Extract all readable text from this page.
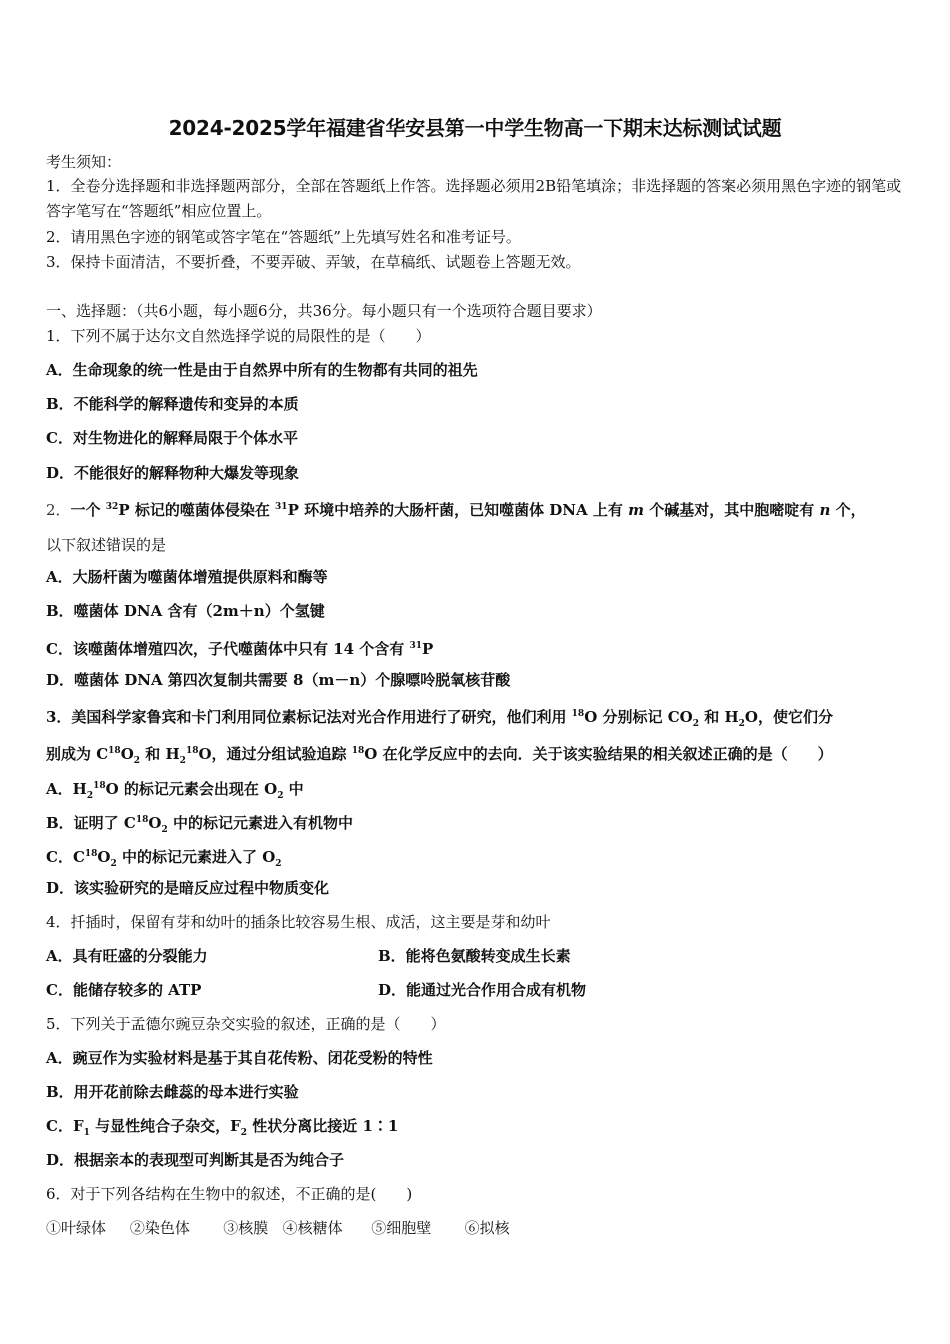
2024-2025学年福建省华安县第一中学生物高一下期末达标测试试题

考生须知：

1．全卷分选择题和非选择题两部分，全部在答题纸上作答。选择题必须用2B铅笔填涂；非选择题的答案必须用黑色字迹的钢笔或答字笔写在“答题纸”相应位置上。

2．请用黑色字迹的钢笔或答字笔在“答题纸”上先填写姓名和准考证号。

3．保持卡面清洁，不要折叠，不要弄破、弄皱，在草稿纸、试题卷上答题无效。

一、选择题：（共6小题，每小题6分，共36分。每小题只有一个选项符合题目要求）

1．下列不属于达尔文自然选择学说的局限性的是（　　）

A．生命现象的统一性是由于自然界中所有的生物都有共同的祖先

B．不能科学的解释遗传和变异的本质

C．对生物进化的解释局限于个体水平

D．不能很好的解释物种大爆发等现象

2．一个 $^{32}$P 标记的噬菌体侵染在 $^{31}$P 环境中培养的大肠杆菌，已知噬菌体 DNA 上有 m 个碱基对，其中胞嘧啶有 n 个，

以下叙述错误的是

A．大肠杆菌为噬菌体增殖提供原料和酶等

B．噬菌体 DNA 含有（2m＋n）个氢键

C．该噬菌体增殖四次，子代噬菌体中只有 14 个含有 $^{31}$P

D．噬菌体 DNA 第四次复制共需要 8（m－n）个腺嘌呤脱氧核苷酸

3．美国科学家鲁宾和卡门利用同位素标记法对光合作用进行了研究，他们利用 $^{18}$O 分别标记 $CO_2$ 和 $H_2O$，使它们分

别成为 $C^{18}O_2$ 和 $H_2^{18}O$，通过分组试验追踪 $^{18}$O 在化学反应中的去向．关于该实验结果的相关叙述正确的是（　　）

A．$H_2^{18}O$ 的标记元素会出现在 $O_2$ 中

B．证明了 $C^{18}O_2$ 中的标记元素进入有机物中

C．$C^{18}O_2$ 中的标记元素进入了 $O_2$

D．该实验研究的是暗反应过程中物质变化

4．扦插时，保留有芽和幼叶的插条比较容易生根、成活，这主要是芽和幼叶

A．具有旺盛的分裂能力	B．能将色氨酸转变成生长素

C．能储存较多的 ATP	D．能通过光合作用合成有机物

5．下列关于孟德尔豌豆杂交实验的叙述，正确的是（　　）

A．豌豆作为实验材料是基于其自花传粉、闭花受粉的特性

B．用开花前除去雌蕊的母本进行实验

C．$F_1$ 与显性纯合子杂交，$F_2$ 性状分离比接近 1∶1

D．根据亲本的表现型可判断其是否为纯合子

6．对于下列各结构在生物中的叙述，不正确的是(　　)

①叶绿体 ②染色体 ③核膜 ④核糖体 ⑤细胞壁 ⑥拟核
